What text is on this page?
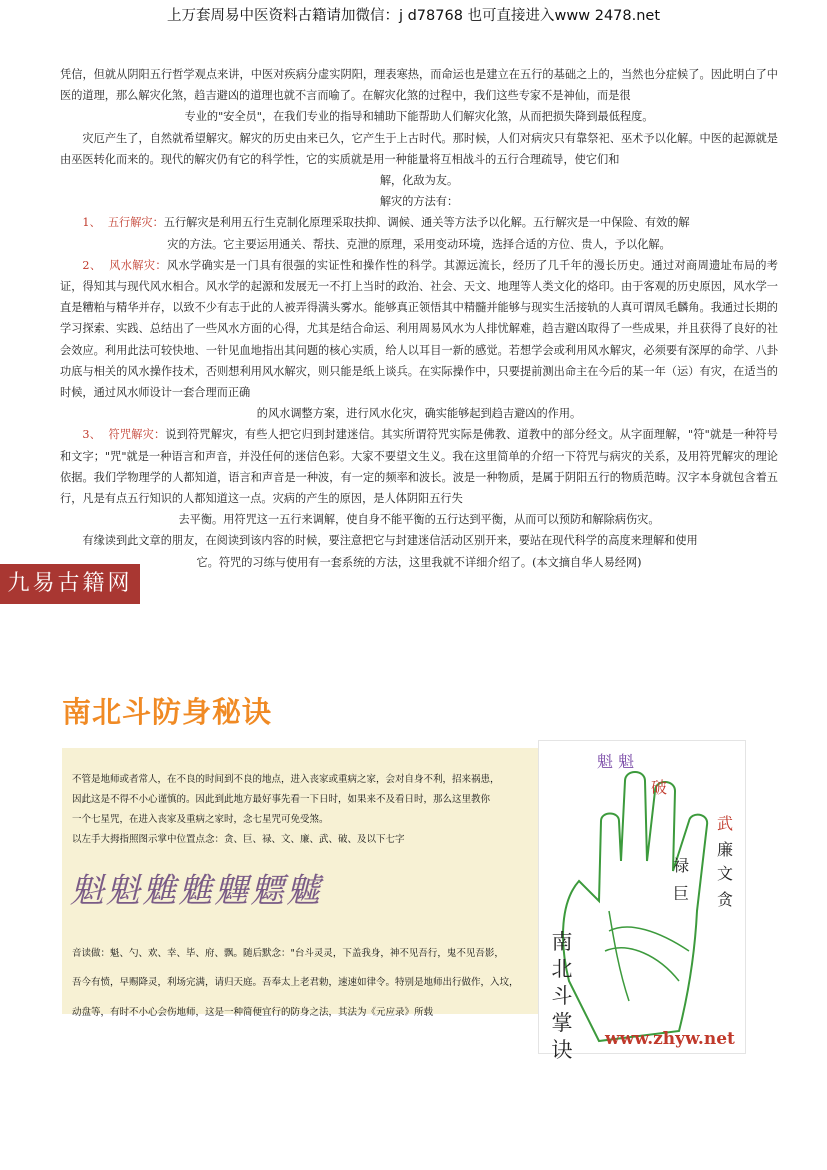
上万套周易中医资料古籍请加微信：j d78768 也可直接进入www 2478.net

凭信，但就从阴阳五行哲学观点来讲，中医对疾病分虚实阴阳，理表寒热，而命运也是建立在五行的基础之上的，当然也分症候了。因此明白了中医的道理，那么解灾化煞，趋吉避凶的道理也就不言而喻了。在解灾化煞的过程中，我们这些专家不是神仙，而是很

专业的"安全员"，在我们专业的指导和辅助下能帮助人们解灾化煞，从而把损失降到最低程度。

灾厄产生了，自然就希望解灾。解灾的历史由来已久，它产生于上古时代。那时候，人们对病灾只有靠祭祀、巫术予以化解。中医的起源就是由巫医转化而来的。现代的解灾仍有它的科学性，它的实质就是用一种能量将互相战斗的五行合理疏导，使它们和

解，化敌为友。

解灾的方法有：

1、 五行解灾：五行解灾是利用五行生克制化原理采取扶抑、调候、通关等方法予以化解。五行解灾是一中保险、有效的解

灾的方法。它主要运用通关、帮扶、克泄的原理，采用变动环境，选择合适的方位、贵人，予以化解。

2、 风水解灾：风水学确实是一门具有很强的实证性和操作性的科学。其源远流长，经历了几千年的漫长历史。通过对商周遗址布局的考证，得知其与现代风水相合。风水学的起源和发展无一不打上当时的政治、社会、天文、地理等人类文化的烙印。由于客观的历史原因，风水学一直是糟粕与精华并存，以致不少有志于此的人被弄得满头雾水。能够真正领悟其中精髓并能够与现实生活接轨的人真可谓凤毛麟角。我通过长期的学习探索、实践、总结出了一些风水方面的心得，尤其是结合命运、利用周易风水为人排忧解难，趋吉避凶取得了一些成果，并且获得了良好的社会效应。利用此法可较快地、一针见血地指出其问题的核心实质，给人以耳目一新的感觉。若想学会或利用风水解灾，必须要有深厚的命学、八卦功底与相关的风水操作技术，否则想利用风水解灾，则只能是纸上谈兵。在实际操作中，只要提前测出命主在今后的某一年（运）有灾，在适当的时候，通过风水师设计一套合理而正确

的风水调整方案，进行风水化灾，确实能够起到趋吉避凶的作用。

3、 符咒解灾：说到符咒解灾，有些人把它归到封建迷信。其实所谓符咒实际是佛教、道教中的部分经文。从字面理解，"符"就是一种符号和文字；"咒"就是一种语言和声音，并没任何的迷信色彩。大家不要望文生义。我在这里简单的介绍一下符咒与病灾的关系，及用符咒解灾的理论依据。我们学物理学的人都知道，语言和声音是一种波，有一定的频率和波长。波是一种物质，是属于阴阳五行的物质范畴。汉字本身就包含着五行，凡是有点五行知识的人都知道这一点。灾病的产生的原因，是人体阴阳五行失

去平衡。用符咒这一五行来调解，使自身不能平衡的五行达到平衡，从而可以预防和解除病伤灾。

有缘读到此文章的朋友，在阅读到该内容的时候，要注意把它与封建迷信活动区别开来，要站在现代科学的高度来理解和使用

它。符咒的习练与使用有一套系统的方法，这里我就不详细介绍了。(本文摘自华人易经网)

九易古籍网
南北斗防身秘诀

不管是地师或者常人，在不良的时间到不良的地点，进入丧家或重病之家，会对自身不利，招来祸患，

因此这是不得不小心谨慎的。因此到此地方最好事先看一下日时，如果来不及看日时，那么这里教你

一个七星咒，在进入丧家及重病之家时，念七星咒可免受煞。

以左手大拇指照图示掌中位置点念：贪、巨、禄、文、廉、武、破、及以下七字

魁魁魋魋魓魒魖

音读做：魁、勺、欢、幸、毕、府、飘。随后默念："台斗灵灵，下盖我身，神不见吾行，鬼不见吾影，

吾今有愤，早赐降灵，利场完满，请归天庭。吾奉太上老君勅，速速如律令。特别是地师出行做作，入坟，

动盘等，有时不小心会伤地师，这是一种简便宜行的防身之法，其法为《元应录》所载

魁 魁
破
武
廉
文
贪
禄
巨
南北斗掌诀 www.zhyw.net
